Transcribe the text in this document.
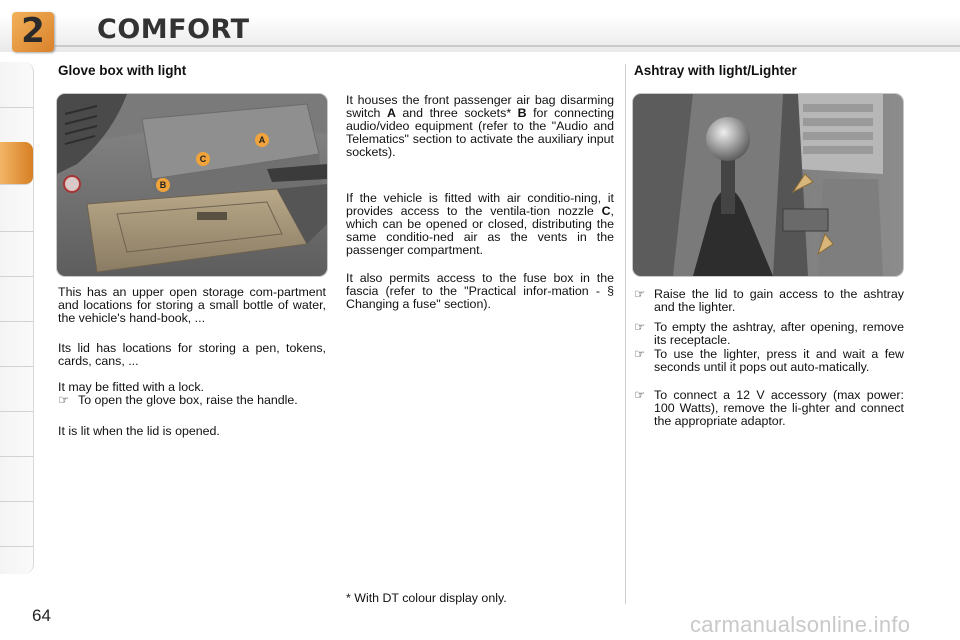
2	COMFORT
Glove box with light
A
B
C
This has an upper open storage com-partment and locations for storing a small bottle of water, the vehicle's hand-book, ...
Its lid has locations for storing a pen, tokens, cards, cans, ...
It may be fitted with a lock.
☞ To open the glove box, raise the handle.
It is lit when the lid is opened.
It houses the front passenger air bag disarming switch A and three sockets* B for connecting audio/video equipment (refer to the "Audio and Telematics" section to activate the auxiliary input sockets).
If the vehicle is fitted with air conditio-ning, it provides access to the ventila-tion nozzle C, which can be opened or closed, distributing the same conditio-ned air as the vents in the passenger compartment.
It also permits access to the fuse box in the fascia (refer to the "Practical infor-mation - § Changing a fuse" section).
Ashtray with light/Lighter
☞ Raise the lid to gain access to the ashtray and the lighter.
☞ To empty the ashtray, after opening, remove its receptacle.
☞ To use the lighter, press it and wait a few seconds until it pops out auto-matically.
☞ To connect a 12 V accessory (max power: 100 Watts), remove the li-ghter and connect the appropriate adaptor.
* With DT colour display only.
64	carmanualsonline.info
